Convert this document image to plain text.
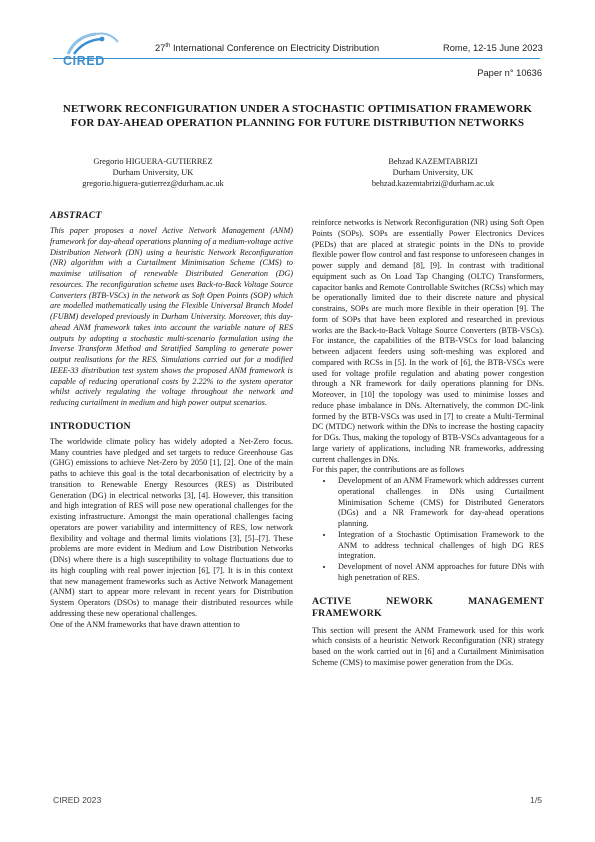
CIRED
27th International Conference on Electricity Distribution	Rome, 12-15 June 2023
Paper n° 10636
NETWORK RECONFIGURATION UNDER A STOCHASTIC OPTIMISATION FRAMEWORK FOR DAY-AHEAD OPERATION PLANNING FOR FUTURE DISTRIBUTION NETWORKS
Gregorio HIGUERA-GUTIERREZ
Durham University, UK
gregorio.higuera-gutierrez@durham.ac.uk
Behzad KAZEMTABRIZI
Durham University, UK
behzad.kazemtabrizi@durham.ac.uk
ABSTRACT

This paper proposes a novel Active Network Management (ANM) framework for day-ahead operations planning of a medium-voltage active Distribution Network (DN) using a heuristic Network Reconfiguration (NR) algorithm with a Curtailment Minimisation Scheme (CMS) to maximise utilisation of renewable Distributed Generation (DG) resources. The reconfiguration scheme uses Back-to-Back Voltage Source Converters (BTB-VSCs) in the network as Soft Open Points (SOP) which are modelled mathematically using the Flexible Universal Branch Model (FUBM) developed previously in Durham University. Moreover, this day-ahead ANM framework takes into account the variable nature of RES outputs by adopting a stochastic multi-scenario formulation using the Inverse Transform Method and Stratified Sampling to generate power output realisations for the RES. Simulations carried out for a modified IEEE-33 distribution test system shows the proposed ANM framework is capable of reducing operational costs by 2.22% to the system operator whilst actively regulating the voltage throughout the network and reducing curtailment in medium and high power output scenarios.

INTRODUCTION

The worldwide climate policy has widely adopted a Net-Zero focus. Many countries have pledged and set targets to reduce Greenhouse Gas (GHG) emissions to achieve Net-Zero by 2050 [1], [2]. One of the main paths to achieve this goal is the total decarbonisation of electricity by a transition to Renewable Energy Resources (RES) as Distributed Generation (DG) in electrical networks [3], [4]. However, this transition and high integration of RES will pose new operational challenges for the existing infrastructure. Amongst the main operational challenges facing operators are power variability and intermittency of RES, low network flexibility and voltage and thermal limits violations [3], [5]–[7]. These problems are more evident in Medium and Low Distribution Networks (DNs) where there is a high susceptibility to voltage fluctuations due to its high coupling with real power injection [6], [7]. It is in this context that new management frameworks such as Active Network Management (ANM) start to appear more relevant in recent years for Distribution System Operators (DSOs) to manage their distributed resources while addressing these new operational challenges.

One of the ANM frameworks that have drawn attention to

reinforce networks is Network Reconfiguration (NR) using Soft Open Points (SOPs). SOPs are essentially Power Electronics Devices (PEDs) that are placed at strategic points in the DNs to provide flexible power flow control and fast response to unforeseen changes in power supply and demand [8], [9]. In contrast with traditional equipment such as On Load Tap Changing (OLTC) Transformers, capacitor banks and Remote Controllable Switches (RCSs) which may be operationally limited due to their discrete nature and physical constrains, SOPs are much more flexible in their operation [9]. The form of SOPs that have been explored and researched in previous works are the Back-to-Back Voltage Source Converters (BTB-VSCs). For instance, the capabilities of the BTB-VSCs for load balancing between adjacent feeders using soft-meshing was explored and compared with RCSs in [5]. In the work of [6], the BTB-VSCs were used for voltage profile regulation and abating power congestion through a NR framework for daily operations planning for DNs. Moreover, in [10] the topology was used to minimise losses and reduce phase imbalance in DNs. Alternatively, the common DC-link formed by the BTB-VSCs was used in [7] to create a Multi-Terminal DC (MTDC) network within the DNs to increase the hosting capacity for DGs. Thus, making the topology of BTB-VSCs advantageous for a large variety of applications, including NR frameworks, addressing current challenges in DNs.

For this paper, the contributions are as follows

• Development of an ANM Framework which addresses current operational challenges in DNs using Curtailment Minimisation Scheme (CMS) for Distributed Generators (DGs) and a NR Framework for day-ahead operations planning.
• Integration of a Stochastic Optimisation Framework to the ANM to address technical challenges of high DG RES integration.
• Development of novel ANM approaches for future DNs with high penetration of RES.
ACTIVE NEWORK MANAGEMENT FRAMEWORK

This section will present the ANM Framework used for this work which consists of a heuristic Network Reconfiguration (NR) strategy based on the work carried out in [6] and a Curtailment Minimisation Scheme (CMS) to maximise power generation from the DGs.

CIRED 2023	1/5
